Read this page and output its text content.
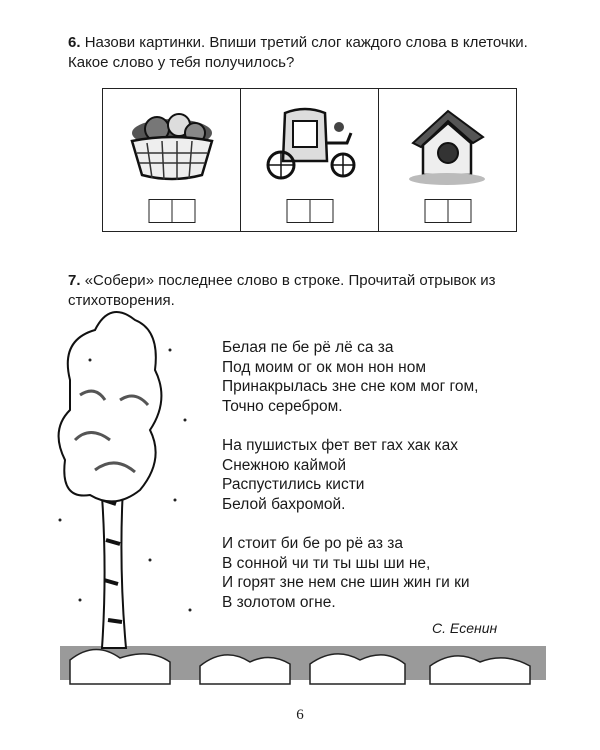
6. Назови картинки. Впиши третий слог каждого слова в клеточки. Какое слово у тебя получилось?
7. «Собери» последнее слово в строке. Прочитай отрывок из стихотворения.
Белая пе бе рё лё са за
Под моим ог ок мон нон ном
Принакрылась зне сне ком мог гом,
Точно серебром.
На пушистых фет вет гах хак ках
Снежною каймой
Распустились кисти
Белой бахромой.
И стоит би бе ро рё аз за
В сонной чи ти ты шы ши не,
И горят зне нем сне шин жин ги ки
В золотом огне.
С. Есенин
6
